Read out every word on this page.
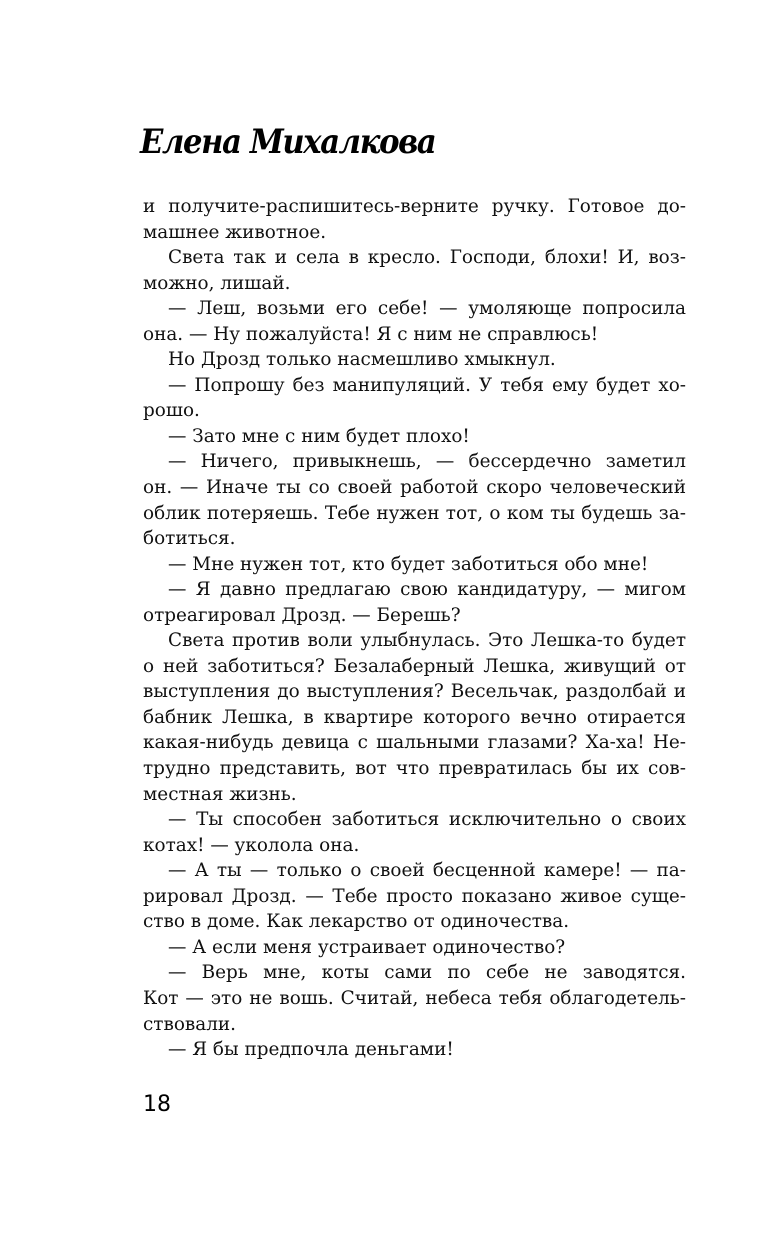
Елена Михалкова
и получите-распишитесь-верните ручку. Готовое до-
машнее животное.
Света так и села в кресло. Господи, блохи! И, воз-
можно, лишай.
— Леш, возьми его себе! — умоляюще попросила
она. — Ну пожалуйста! Я с ним не справлюсь!
Но Дрозд только насмешливо хмыкнул.
— Попрошу без манипуляций. У тебя ему будет хо-
рошо.
— Зато мне с ним будет плохо!
— Ничего, привыкнешь, — бессердечно заметил
он. — Иначе ты со своей работой скоро человеческий
облик потеряешь. Тебе нужен тот, о ком ты будешь за-
ботиться.
— Мне нужен тот, кто будет заботиться обо мне!
— Я давно предлагаю свою кандидатуру, — мигом
отреагировал Дрозд. — Берешь?
Света против воли улыбнулась. Это Лешка-то будет
о ней заботиться? Безалаберный Лешка, живущий от
выступления до выступления? Весельчак, раздолбай и
бабник Лешка, в квартире которого вечно отирается
какая-нибудь девица с шальными глазами? Ха-ха! Не-
трудно представить, вот что превратилась бы их сов-
местная жизнь.
— Ты способен заботиться исключительно о своих
котах! — уколола она.
— А ты — только о своей бесценной камере! — па-
рировал Дрозд. — Тебе просто показано живое суще-
ство в доме. Как лекарство от одиночества.
— А если меня устраивает одиночество?
— Верь мне, коты сами по себе не заводятся.
Кот — это не вошь. Считай, небеса тебя облагодетель-
ствовали.
— Я бы предпочла деньгами!
18
